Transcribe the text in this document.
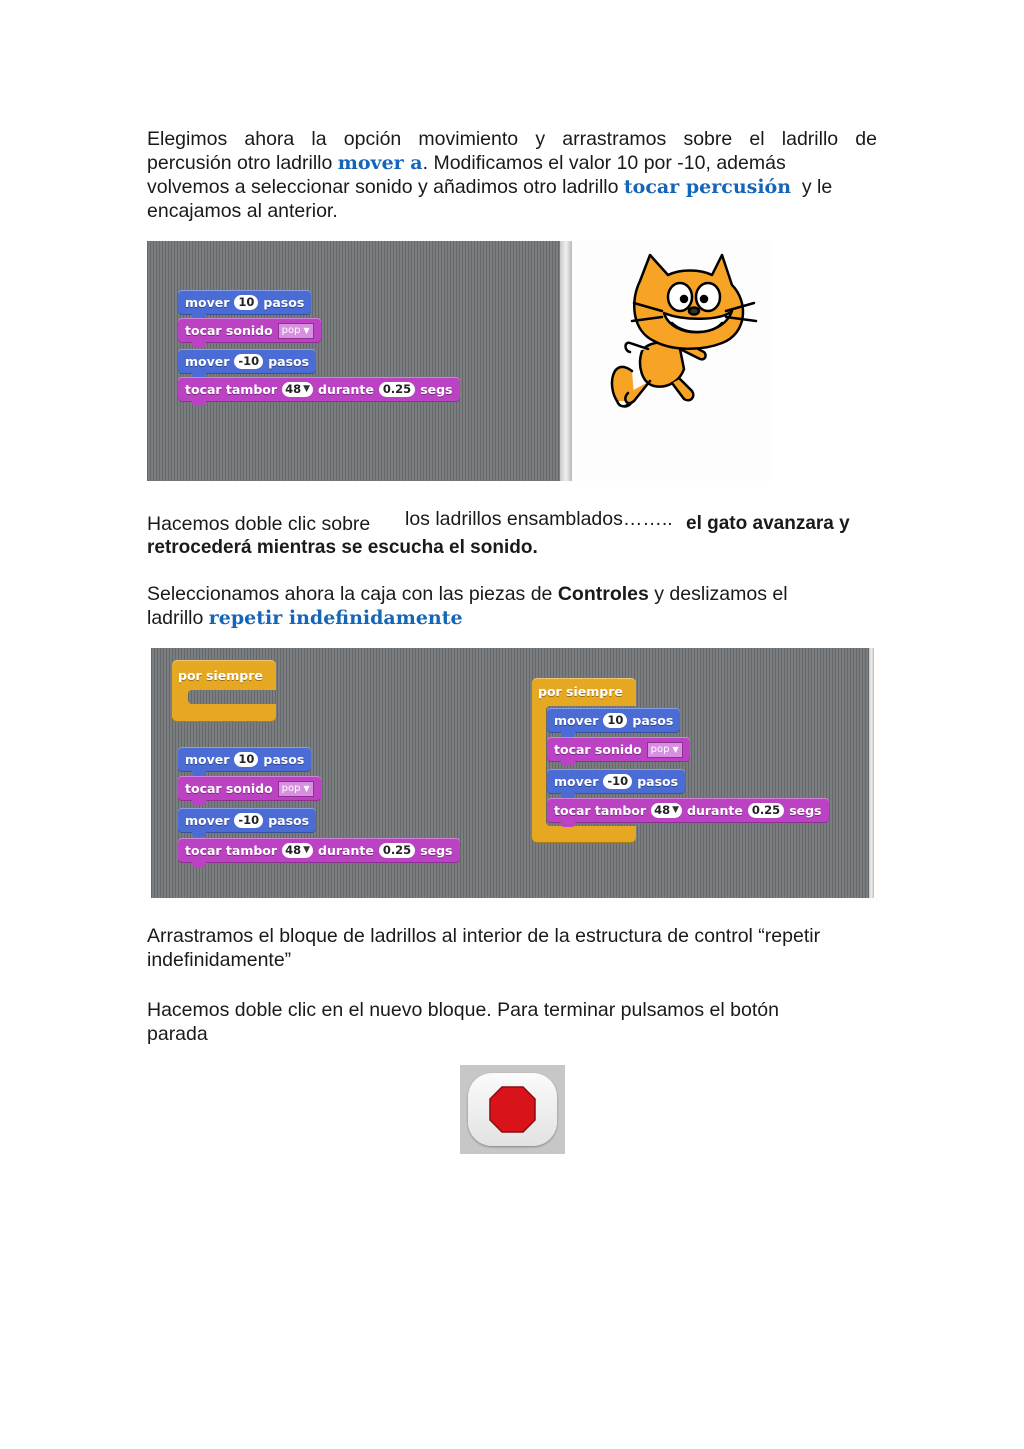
Elegimos ahora la opción movimiento y arrastramos sobre el ladrillo de
percusión otro ladrillo mover a. Modificamos el valor 10 por -10, además
volvemos a seleccionar sonido y añadimos otro ladrillo tocar percusión  y le
encajamos al anterior.
mover 10 pasos
tocar sonido pop ▼
mover -10 pasos
tocar tambor 48 ▼ durante 0.25 segs
Hacemos doble clic sobre los ladrillos ensamblados…….. el gato avanzara y
retrocederá mientras se escucha el sonido.
Seleccionamos ahora la caja con las piezas de Controles y deslizamos el
ladrillo repetir indefinidamente
por siempre
mover 10 pasos
tocar sonido pop ▼
mover -10 pasos
tocar tambor 48 ▼ durante 0.25 segs
por siempre
mover 10 pasos
tocar sonido pop ▼
mover -10 pasos
tocar tambor 48 ▼ durante 0.25 segs
Arrastramos el bloque de ladrillos al interior de la estructura de control “repetir
indefinidamente”
Hacemos doble clic en el nuevo bloque. Para terminar pulsamos el botón
parada
